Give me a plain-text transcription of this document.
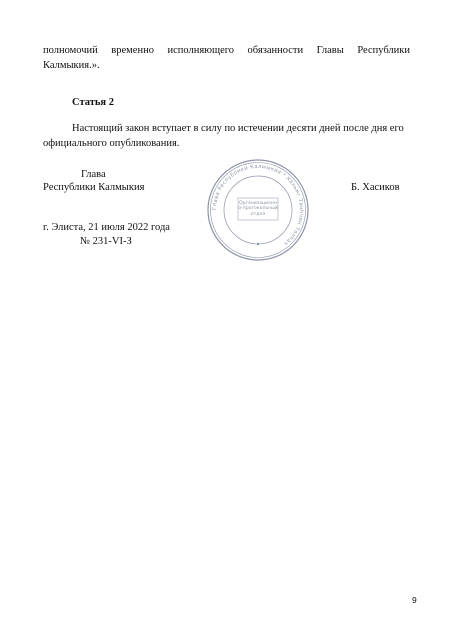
полномочий временно исполняющего обязанности Главы Республики
Калмыкия.».
Статья 2
Настоящий закон вступает в силу по истечении десяти дней после дня его
официального опубликования.
Глава
Республики Калмыкия	Б. Хасиков
г. Элиста, 21 июля 2022 года
№ 231-VI-З
Глава Республики Калмыкия * Хальмг Таңһчин Толһач
Организационно-протокольный отдел
9
